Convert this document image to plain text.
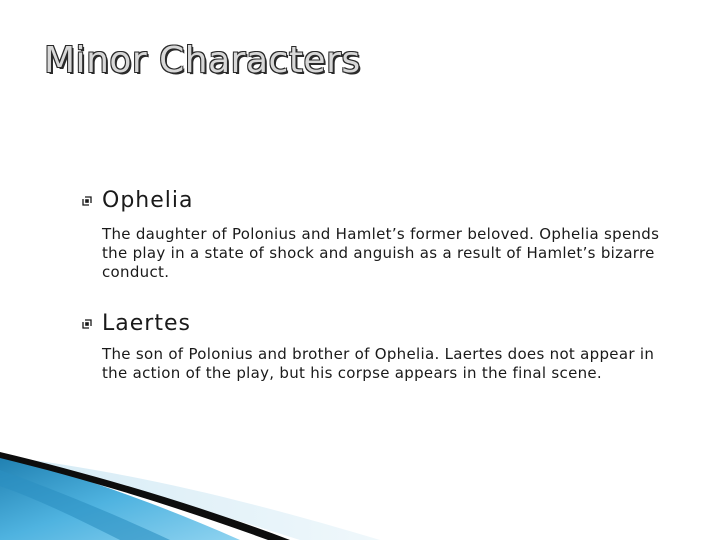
Minor Characters
Ophelia
The daughter of Polonius and Hamlet’s former beloved. Ophelia spends the play in a state of shock and anguish as a result of Hamlet’s bizarre conduct.
Laertes
The son of Polonius and brother of Ophelia. Laertes does not appear in the action of the play, but his corpse appears in the final scene.
